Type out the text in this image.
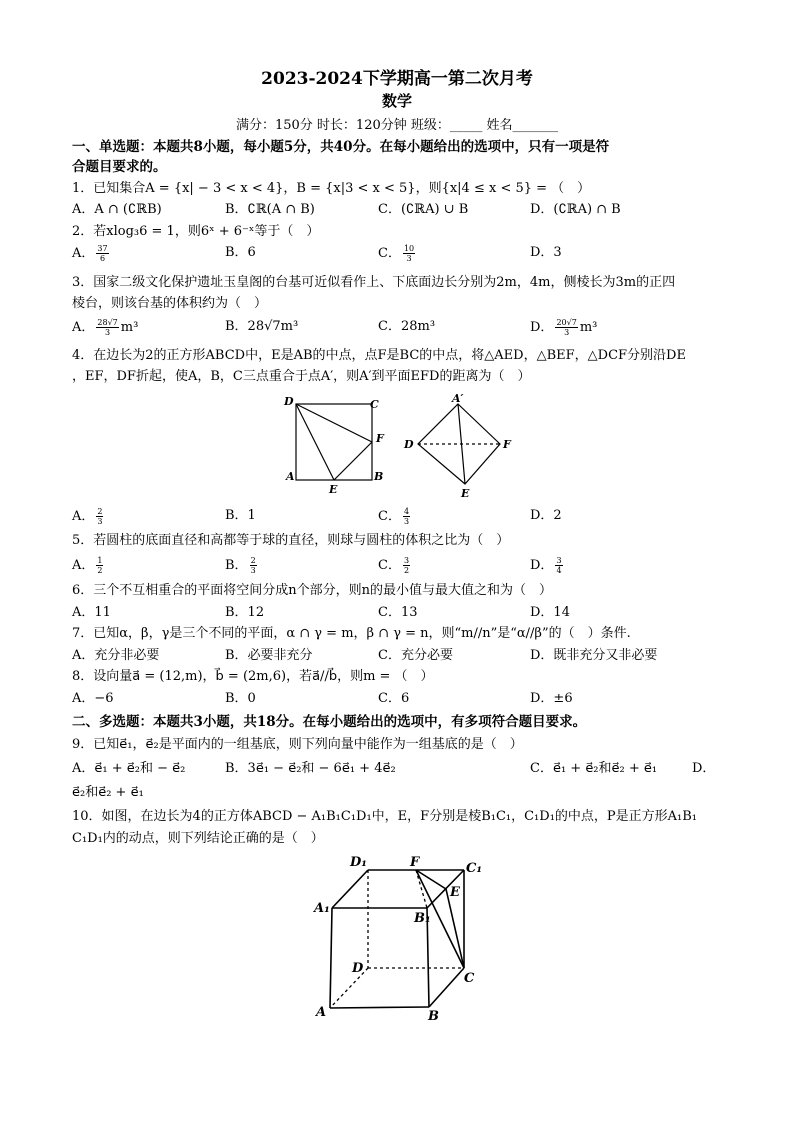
2023-2024下学期高一第二次月考
数学
满分：150分 时长：120分钟 班级：_____ 姓名_______
一、单选题：本题共8小题，每小题5分，共40分。在每小题给出的选项中，只有一项是符
合题目要求的。
1．已知集合A = {x| − 3 < x < 4}，B = {x|3 < x < 5}，则{x|4 ≤ x < 5} = （　）
A．A ∩ (∁ℝB)	B．∁ℝ(A ∩ B)	C．(∁ℝA) ∪ B	D．(∁ℝA) ∩ B
2．若xlog₃6 = 1，则6ˣ + 6⁻ˣ等于（　）
A． $\frac{37}{6}$	B．6	C． $\frac{10}{3}$	D．3
3．国家二级文化保护遗址玉皇阁的台基可近似看作上、下底面边长分别为2m，4m，侧棱长为3m的正四
棱台，则该台基的体积约为（　）
A． $\frac{28√7}{3} m^3$	B．28√7m³	C．28m³	D． $\frac{20√7}{3} m^3$
4．在边长为2的正方形ABCD中，E是AB的中点，点F是BC的中点，将△AED，△BEF，△DCF分别沿DE
，EF，DF折起，使A，B，C三点重合于点A′，则A′到平面EFD的距离为（　）
D	C
F
A
E
B
A′
D	F
E
A． $\frac{2}{3}$	B．1	C． $\frac{4}{3}$	D．2
5．若圆柱的底面直径和高都等于球的直径，则球与圆柱的体积之比为（　）
A． $\frac{1}{2}$	B． $\frac{2}{3}$	C． $\frac{3}{2}$	D． $\frac{3}{4}$
6．三个不互相重合的平面将空间分成n个部分，则n的最小值与最大值之和为（　）
A．11	B．12	C．13	D．14
7．已知α，β，γ是三个不同的平面，α ∩ γ = m，β ∩ γ = n，则“m//n”是“α//β”的（　）条件.
A．充分非必要	B．必要非充分	C．充分必要	D．既非充分又非必要
8．设向量a⃗ = (12,m)，b⃗ = (2m,6)，若a⃗//b⃗，则m = （　）
A．−6	B．0	C．6	D．±6
二、多选题：本题共3小题，共18分。在每小题给出的选项中，有多项符合题目要求。
9．已知e⃗₁，e⃗₂是平面内的一组基底，则下列向量中能作为一组基底的是（　）
A．e⃗₁ + e⃗₂和 − e⃗₂	B．3e⃗₁ − e⃗₂和 − 6e⃗₁ + 4e⃗₂	C．e⃗₁ + e⃗₂和e⃗₂ + e⃗₁	D．
e⃗₂和e⃗₂ + e⃗₁
10．如图，在边长为4的正方体ABCD − A₁B₁C₁D₁中，E，F分别是棱B₁C₁，C₁D₁的中点，P是正方形A₁B₁
C₁D₁内的动点，则下列结论正确的是（　）
D₁	F	C₁
A₁
E
B₁
D
C
A	B
